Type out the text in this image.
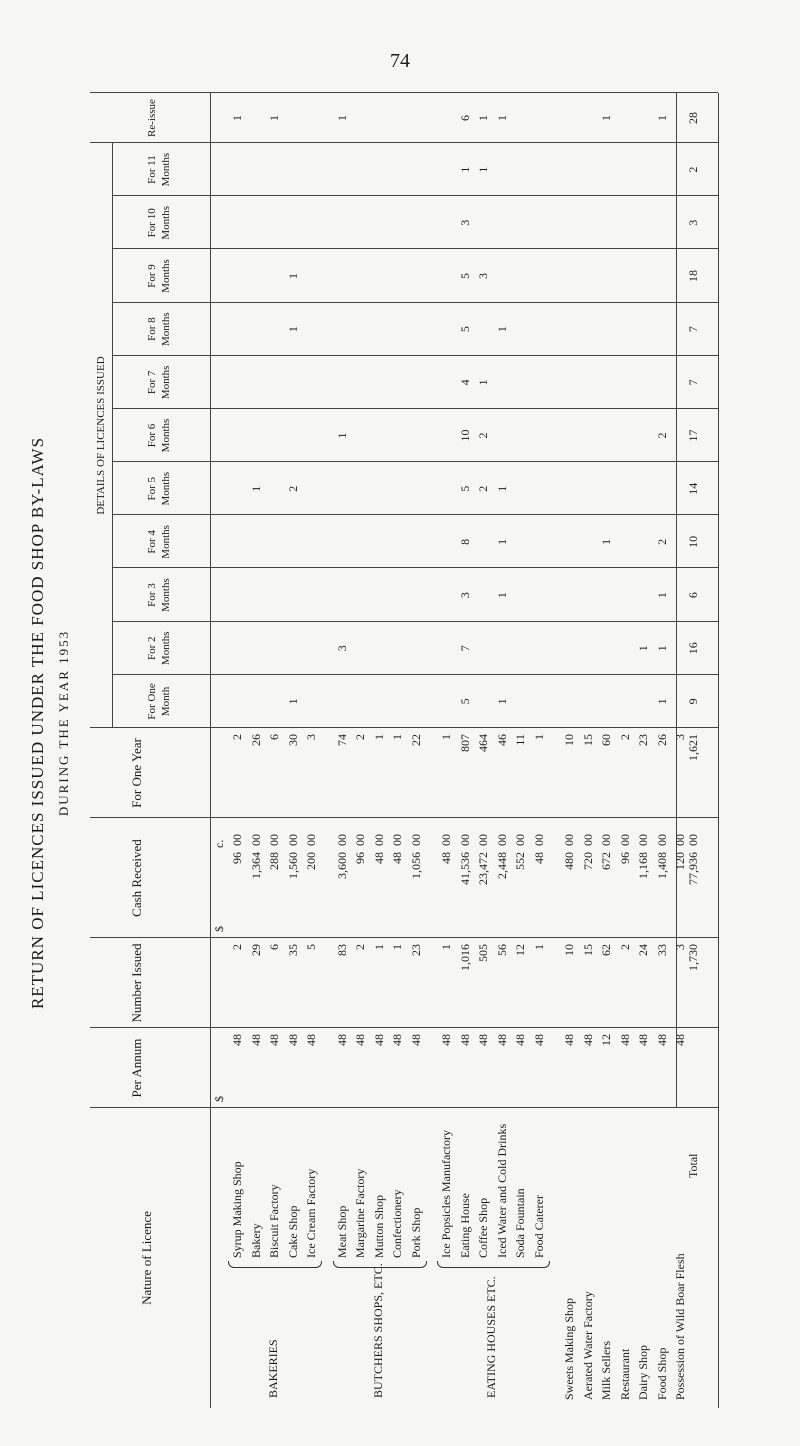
74
RETURN OF LICENCES ISSUED UNDER THE FOOD SHOP BY-LAWS DURING THE YEAR 1953
Nature of Licence
Per Annum
Number Issued
Cash Received
For One Year
DETAILS OF LICENCES ISSUED
For One Month
For 2 Months
For 3 Months
For 4 Months
For 5 Months
For 6 Months
For 7 Months
For 8 Months
For 9 Months
For 10 Months
For 11 Months
Re-issue
$
$
c.
Syrup Making Shop
48
2
96
00
2
1
Bakery
48
29
1,364
00
26
1
Biscuit Factory
48
6
288
00
6
1
Cake Shop
48
35
1,560
00
30
1
2
1
1
Ice Cream Factory
48
5
200
00
3
Meat Shop
48
83
3,600
00
74
3
1
1
Margarine Factory
48
2
96
00
2
Mutton Shop
48
1
48
00
1
Confectionery
48
1
48
00
1
Pork Shop
48
23
1,056
00
22
Ice Popsicles Manufactory
48
1
48
00
1
Eating House
48
1,016
41,536
00
807
5
7
3
8
5
10
4
5
5
3
1
6
Coffee Shop
48
505
23,472
00
464
2
2
1
3
1
1
Iced Water and Cold Drinks
48
56
2,448
00
46
1
1
1
1
1
1
Soda Fountain
48
12
552
00
11
Food Caterer
48
1
48
00
1
Sweets Making Shop
48
10
480
00
10
Aerated Water Factory
48
15
720
00
15
Milk Sellers
12
62
672
00
60
1
1
Restaurant
48
2
96
00
2
Dairy Shop
48
24
1,168
00
23
1
Food Shop
48
33
1,408
00
26
1
1
1
2
2
1
Possession of Wild Boar Flesh
48
3
120
00
3
BAKERIES	BUTCHERS SHOPS, ETC.	EATING HOUSES ETC.
Total
1,730
77,936
00
1,621
9
16
6
10
14
17
7
7
18
3
2
28
